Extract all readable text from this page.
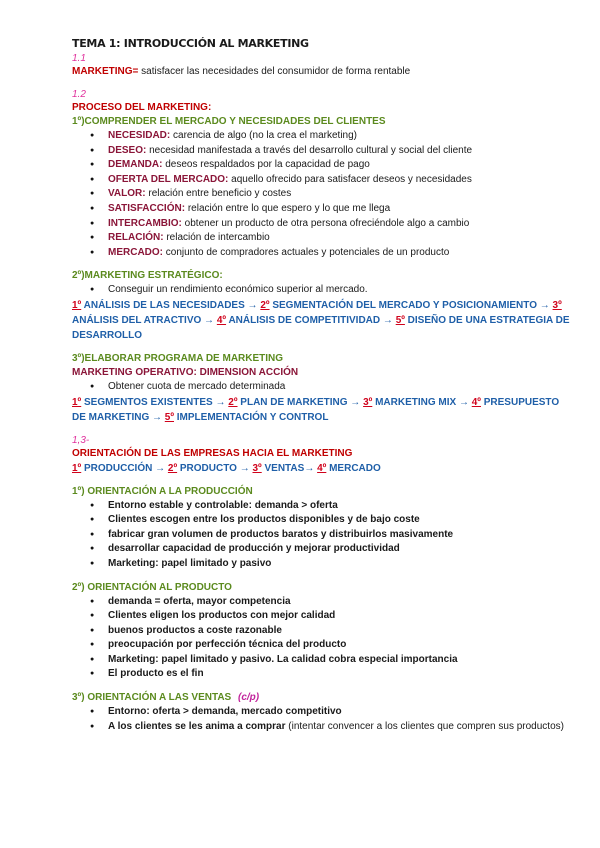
TEMA 1: INTRODUCCIÓN AL MARKETING
1.1
MARKETING= satisfacer las necesidades del consumidor de forma rentable
1.2
PROCESO DEL MARKETING:
1º)COMPRENDER EL MERCADO Y NECESIDADES DEL CLIENTES
● NECESIDAD: carencia de algo (no la crea el marketing)
● DESEO: necesidad manifestada a través del desarrollo cultural y social del cliente
● DEMANDA: deseos respaldados por la capacidad de pago
● OFERTA DEL MERCADO: aquello ofrecido para satisfacer deseos y necesidades
● VALOR: relación entre beneficio y costes
● SATISFACCIÓN: relación entre lo que espero y lo que me llega
● INTERCAMBIO: obtener un producto de otra persona ofreciéndole algo a cambio
● RELACIÓN: relación de intercambio
● MERCADO: conjunto de compradores actuales y potenciales de un producto
2º)MARKETING ESTRATÉGICO:
● Conseguir un rendimiento económico superior al mercado.
1º ANÁLISIS DE LAS NECESIDADES → 2º SEGMENTACIÓN DEL MERCADO Y POSICIONAMIENTO → 3º ANÁLISIS DEL ATRACTIVO → 4º ANÁLISIS DE COMPETITIVIDAD → 5º DISEÑO DE UNA ESTRATEGIA DE DESARROLLO
3º)ELABORAR PROGRAMA DE MARKETING
MARKETING OPERATIVO: DIMENSION ACCIÓN
● Obtener cuota de mercado determinada
1º SEGMENTOS EXISTENTES → 2º PLAN DE MARKETING → 3º MARKETING MIX → 4º PRESUPUESTO DE MARKETING → 5º IMPLEMENTACIÓN Y CONTROL
1,3-
ORIENTACIÓN DE LAS EMPRESAS HACIA EL MARKETING
1º PRODUCCIÓN → 2º PRODUCTO → 3º VENTAS→ 4º MERCADO
1º) ORIENTACIÓN A LA PRODUCCIÓN
● Entorno estable y controlable: demanda > oferta
● Clientes escogen entre los productos disponibles y de bajo coste
● fabricar gran volumen de productos baratos y distribuirlos masivamente
● desarrollar capacidad de producción y mejorar productividad
● Marketing: papel limitado y pasivo
2º) ORIENTACIÓN AL PRODUCTO
● demanda = oferta, mayor competencia
● Clientes eligen los productos con mejor calidad
● buenos productos a coste razonable
● preocupación por perfección técnica del producto
● Marketing: papel limitado y pasivo. La calidad cobra especial importancia
● El producto es el fin
3º) ORIENTACIÓN A LAS VENTAS (c/p)
● Entorno: oferta > demanda, mercado competitivo
● A los clientes se les anima a comprar (intentar convencer a los clientes que compren sus productos)
